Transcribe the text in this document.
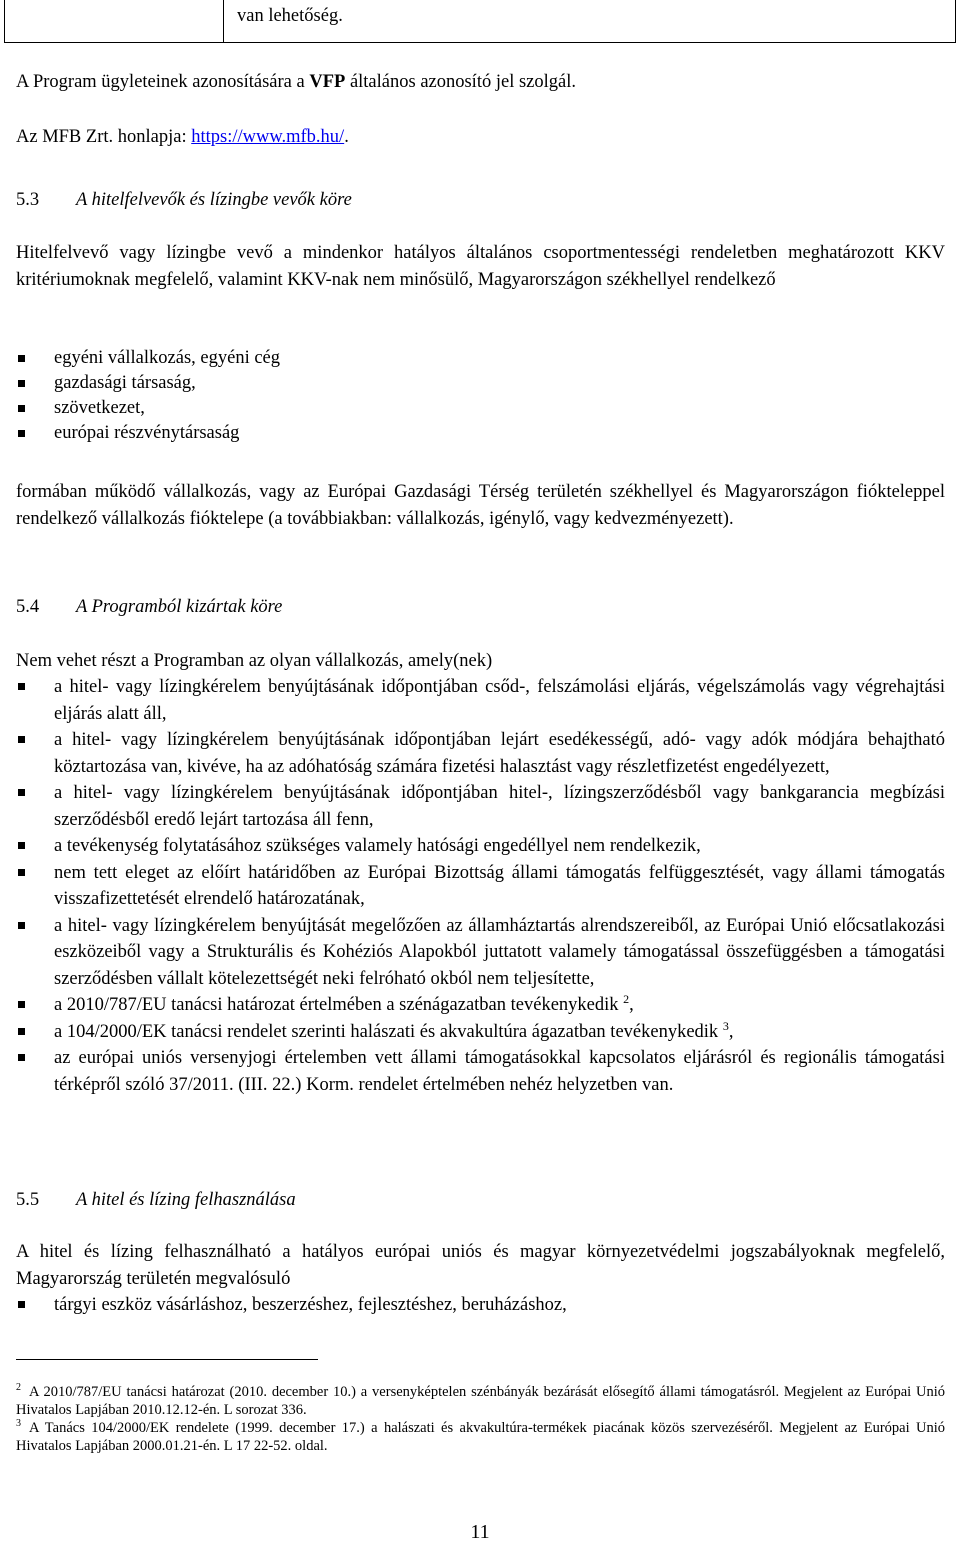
van lehetőség.
A Program ügyleteinek azonosítására a VFP általános azonosító jel szolgál.
Az MFB Zrt. honlapja: https://www.mfb.hu/.
5.3 A hitelfelvevők és lízingbe vevők köre
Hitelfelvevő vagy lízingbe vevő a mindenkor hatályos általános csoportmentességi rendeletben meghatározott KKV kritériumoknak megfelelő, valamint KKV-nak nem minősülő, Magyarországon székhellyel rendelkező
egyéni vállalkozás, egyéni cég
gazdasági társaság,
szövetkezet,
európai részvénytársaság
formában működő vállalkozás, vagy az Európai Gazdasági Térség területén székhellyel és Magyarországon fiókteleppel rendelkező vállalkozás fióktelepe (a továbbiakban: vállalkozás, igénylő, vagy kedvezményezett).
5.4 A Programból kizártak köre
Nem vehet részt a Programban az olyan vállalkozás, amely(nek)
a hitel- vagy lízingkérelem benyújtásának időpontjában csőd-, felszámolási eljárás, végelszámolás vagy végrehajtási eljárás alatt áll,
a hitel- vagy lízingkérelem benyújtásának időpontjában lejárt esedékességű, adó- vagy adók módjára behajtható köztartozása van, kivéve, ha az adóhatóság számára fizetési halasztást vagy részletfizetést engedélyezett,
a hitel- vagy lízingkérelem benyújtásának időpontjában hitel-, lízingszerződésből vagy bankgarancia megbízási szerződésből eredő lejárt tartozása áll fenn,
a tevékenység folytatásához szükséges valamely hatósági engedéllyel nem rendelkezik,
nem tett eleget az előírt határidőben az Európai Bizottság állami támogatás felfüggesztését, vagy állami támogatás visszafizettetését elrendelő határozatának,
a hitel- vagy lízingkérelem benyújtását megelőzően az államháztartás alrendszereiből, az Európai Unió előcsatlakozási eszközeiből vagy a Strukturális és Kohéziós Alapokból juttatott valamely támogatással összefüggésben a támogatási szerződésben vállalt kötelezettségét neki felróható okból nem teljesítette,
a 2010/787/EU tanácsi határozat értelmében a szénágazatban tevékenykedik $^2$,
a 104/2000/EK tanácsi rendelet szerinti halászati és akvakultúra ágazatban tevékenykedik $^3$,
az európai uniós versenyjogi értelemben vett állami támogatásokkal kapcsolatos eljárásról és regionális támogatási térképről szóló 37/2011. (III. 22.) Korm. rendelet értelmében nehéz helyzetben van.
5.5 A hitel és lízing felhasználása
A hitel és lízing felhasználható a hatályos európai uniós és magyar környezetvédelmi jogszabályoknak megfelelő, Magyarország területén megvalósuló
tárgyi eszköz vásárláshoz, beszerzéshez, fejlesztéshez, beruházáshoz,
$^2$ A 2010/787/EU tanácsi határozat (2010. december 10.) a versenyképtelen szénbányák bezárását elősegítő állami támogatásról. Megjelent az Európai Unió Hivatalos Lapjában 2010.12.12-én. L sorozat 336.
$^3$ A Tanács 104/2000/EK rendelete (1999. december 17.) a halászati és akvakultúra-termékek piacának közös szervezéséről. Megjelent az Európai Unió Hivatalos Lapjában 2000.01.21-én. L 17 22-52. oldal.
11
